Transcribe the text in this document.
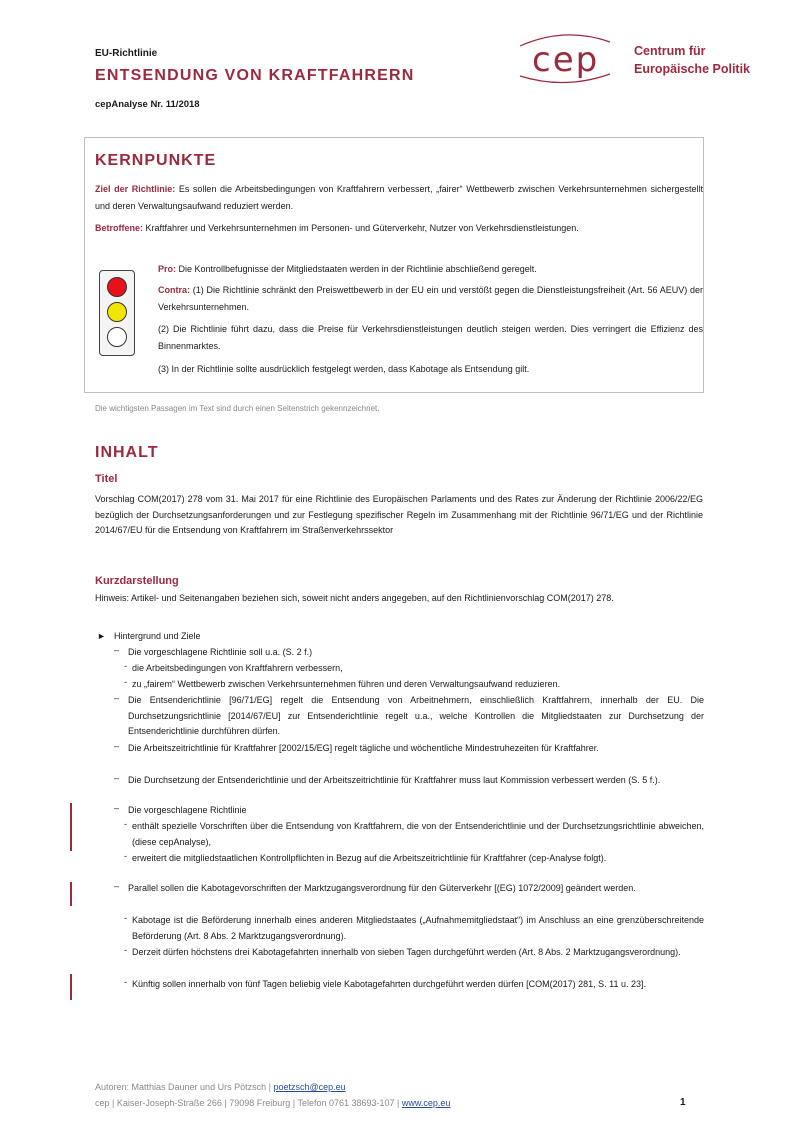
EU-Richtlinie
ENTSENDUNG VON KRAFTFAHRERN
cepAnalyse Nr. 11/2018
cep	Centrum für
Europäische Politik
KERNPUNKTE
Ziel der Richtlinie: Es sollen die Arbeitsbedingungen von Kraftfahrern verbessert, „fairer“ Wettbewerb zwischen Verkehrsunternehmen sichergestellt und deren Verwaltungsaufwand reduziert werden.
Betroffene: Kraftfahrer und Verkehrsunternehmen im Personen- und Güterverkehr, Nutzer von Verkehrsdienstleistungen.
Pro: Die Kontrollbefugnisse der Mitgliedstaaten werden in der Richtlinie abschließend geregelt.
Contra: (1) Die Richtlinie schränkt den Preiswettbewerb in der EU ein und verstößt gegen die Dienstleistungsfreiheit (Art. 56 AEUV) der Verkehrsunternehmen.
(2) Die Richtlinie führt dazu, dass die Preise für Verkehrsdienstleistungen deutlich steigen werden. Dies verringert die Effizienz des Binnenmarktes.
(3) In der Richtlinie sollte ausdrücklich festgelegt werden, dass Kabotage als Entsendung gilt.
Die wichtigsten Passagen im Text sind durch einen Seitenstrich gekennzeichnet.
INHALT
Titel
Vorschlag COM(2017) 278 vom 31. Mai 2017 für eine Richtlinie des Europäischen Parlaments und des Rates zur Änderung der Richtlinie 2006/22/EG bezüglich der Durchsetzungsanforderungen und zur Festlegung spezifischer Regeln im Zusammenhang mit der Richtlinie 96/71/EG und der Richtlinie 2014/67/EU für die Entsendung von Kraftfahrern im Straßenverkehrssektor
Kurzdarstellung
Hinweis: Artikel- und Seitenangaben beziehen sich, soweit nicht anders angegeben, auf den Richtlinienvorschlag COM(2017) 278.
► Hintergrund und Ziele
– Die vorgeschlagene Richtlinie soll u.a. (S. 2 f.)
- die Arbeitsbedingungen von Kraftfahrern verbessern,
- zu „fairem“ Wettbewerb zwischen Verkehrsunternehmen führen und deren Verwaltungsaufwand reduzieren.
– Die Entsenderichtlinie [96/71/EG] regelt die Entsendung von Arbeitnehmern, einschließlich Kraftfahrern, innerhalb der EU. Die Durchsetzungsrichtlinie [2014/67/EU] zur Entsenderichtlinie regelt u.a., welche Kontrollen die Mitgliedstaaten zur Durchsetzung der Entsenderichtlinie durchführen dürfen.
– Die Arbeitszeitrichtlinie für Kraftfahrer [2002/15/EG] regelt tägliche und wöchentliche Mindestruhezeiten für Kraftfahrer.
– Die Durchsetzung der Entsenderichtlinie und der Arbeitszeitrichtlinie für Kraftfahrer muss laut Kommission verbessert werden (S. 5 f.).
– Die vorgeschlagene Richtlinie
- enthält spezielle Vorschriften über die Entsendung von Kraftfahrern, die von der Entsenderichtlinie und der Durchsetzungsrichtlinie abweichen, (diese cepAnalyse),
- erweitert die mitgliedstaatlichen Kontrollpflichten in Bezug auf die Arbeitszeitrichtlinie für Kraftfahrer (cep-Analyse folgt).
– Parallel sollen die Kabotagevorschriften der Marktzugangsverordnung für den Güterverkehr [(EG) 1072/2009] geändert werden.
- Kabotage ist die Beförderung innerhalb eines anderen Mitgliedstaates („Aufnahmemitgliedstaat“) im Anschluss an eine grenzüberschreitende Beförderung (Art. 8 Abs. 2 Marktzugangsverordnung).
- Derzeit dürfen höchstens drei Kabotagefahrten innerhalb von sieben Tagen durchgeführt werden (Art. 8 Abs. 2 Marktzugangsverordnung).
- Künftig sollen innerhalb von fünf Tagen beliebig viele Kabotagefahrten durchgeführt werden dürfen [COM(2017) 281, S. 11 u. 23].
Autoren: Matthias Dauner und Urs Pötzsch | poetzsch@cep.eu
cep | Kaiser-Joseph-Straße 266 | 79098 Freiburg | Telefon 0761 38693-107 | www.cep.eu	1
